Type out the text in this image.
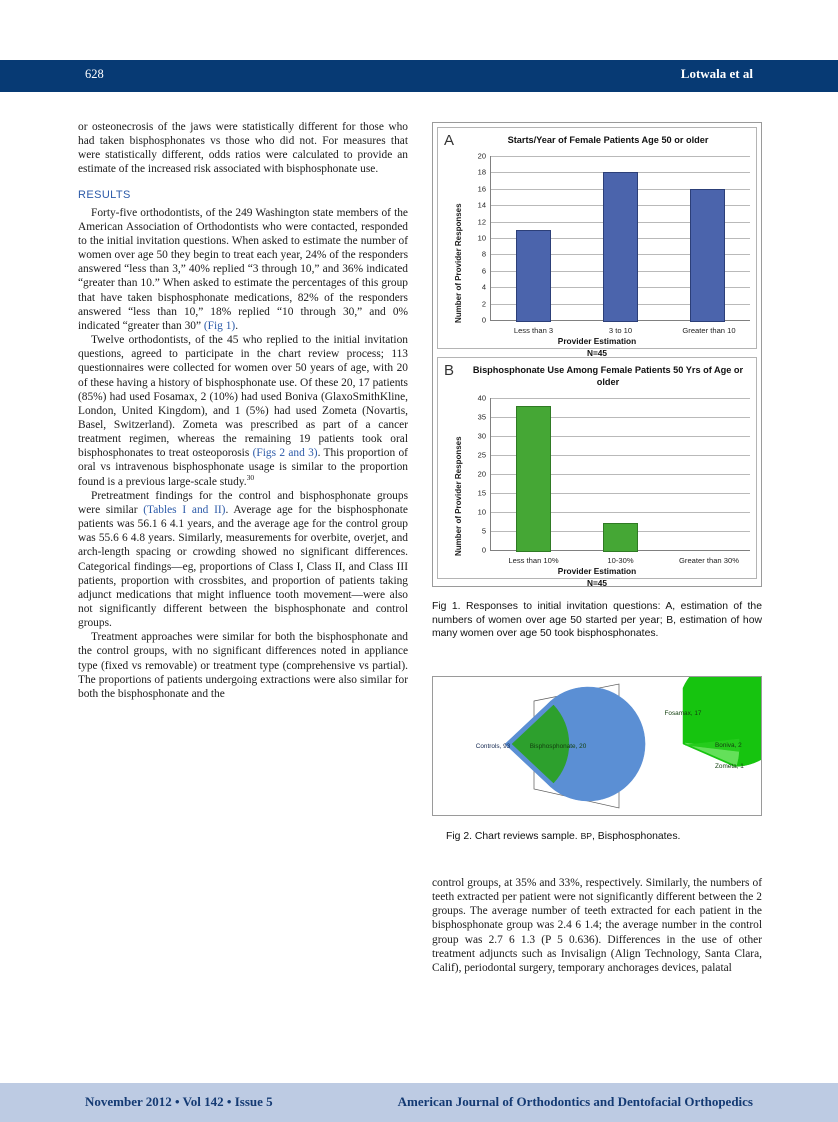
628	Lotwala et al

or osteonecrosis of the jaws were statistically different for those who had taken bisphosphonates vs those who did not. For measures that were statistically different, odds ratios were calculated to provide an estimate of the increased risk associated with bisphosphonate use.

RESULTS

Forty-five orthodontists, of the 249 Washington state members of the American Association of Orthodontists who were contacted, responded to the initial invitation questions. When asked to estimate the number of women over age 50 they begin to treat each year, 24% of the responders answered “less than 3,” 40% replied “3 through 10,” and 36% indicated “greater than 10.” When asked to estimate the percentages of this group that have taken bisphosphonate medications, 82% of the responders answered “less than 10,” 18% replied “10 through 30,” and 0% indicated “greater than 30” (Fig 1).

Twelve orthodontists, of the 45 who replied to the initial invitation questions, agreed to participate in the chart review process; 113 questionnaires were collected for women over 50 years of age, with 20 of these having a history of bisphosphonate use. Of these 20, 17 patients (85%) had used Fosamax, 2 (10%) had used Boniva (GlaxoSmithKline, London, United Kingdom), and 1 (5%) had used Zometa (Novartis, Basel, Switzerland). Zometa was prescribed as part of a cancer treatment regimen, whereas the remaining 19 patients took oral bisphosphonates to treat osteoporosis (Figs 2 and 3). This proportion of oral vs intravenous bisphosphonate usage is similar to the proportion found is a previous large-scale study.$^{30}$

Pretreatment findings for the control and bisphosphonate groups were similar (Tables I and II). Average age for the bisphosphonate patients was 56.1 6 4.1 years, and the average age for the control group was 55.6 6 4.8 years. Similarly, measurements for overbite, overjet, and arch-length spacing or crowding showed no significant differences. Categorical findings—eg, proportions of Class I, Class II, and Class III patients, proportion with crossbites, and proportion of patients taking adjunct medications that might influence tooth movement—were also not significantly different between the bisphosphonate and control groups.

Treatment approaches were similar for both the bisphosphonate and the control groups, with no significant differences noted in appliance type (fixed vs removable) or treatment type (comprehensive vs partial). The proportions of patients undergoing extractions were also similar for both the bisphosphonate and the

A	Starts/Year of Female Patients Age 50 or older
Number of Provider Responses	0
2
4
6
8
10
12
14
16
18
20
Less than 3	3 to 10	Greater than 10
Provider Estimation
N=45
B	Bisphosphonate Use Among Female Patients 50 Yrs of Age or older
Number of Provider Responses	0
5
10
15
20
25
30
35
40
Less than 10%	10-30%	Greater than 30%
Provider Estimation
N=45
Fig 1. Responses to initial invitation questions: A, estimation of the numbers of women over age 50 started per year; B, estimation of how many women over age 50 took bisphosphonates.
Controls, 93	Bisphosphonate, 20
Fosamax, 17
Boniva, 2
Zometa, 1
Fig 2. Chart reviews sample. BP, Bisphosphonates.

control groups, at 35% and 33%, respectively. Similarly, the numbers of teeth extracted per patient were not significantly different between the 2 groups. The average number of teeth extracted for each patient in the bisphosphonate group was 2.4 6 1.4; the average number in the control group was 2.7 6 1.3 (P 5 0.636). Differences in the use of other treatment adjuncts such as Invisalign (Align Technology, Santa Clara, Calif), periodontal surgery, temporary anchorages devices, palatal

November 2012 • Vol 142 • Issue 5	American Journal of Orthodontics and Dentofacial Orthopedics
